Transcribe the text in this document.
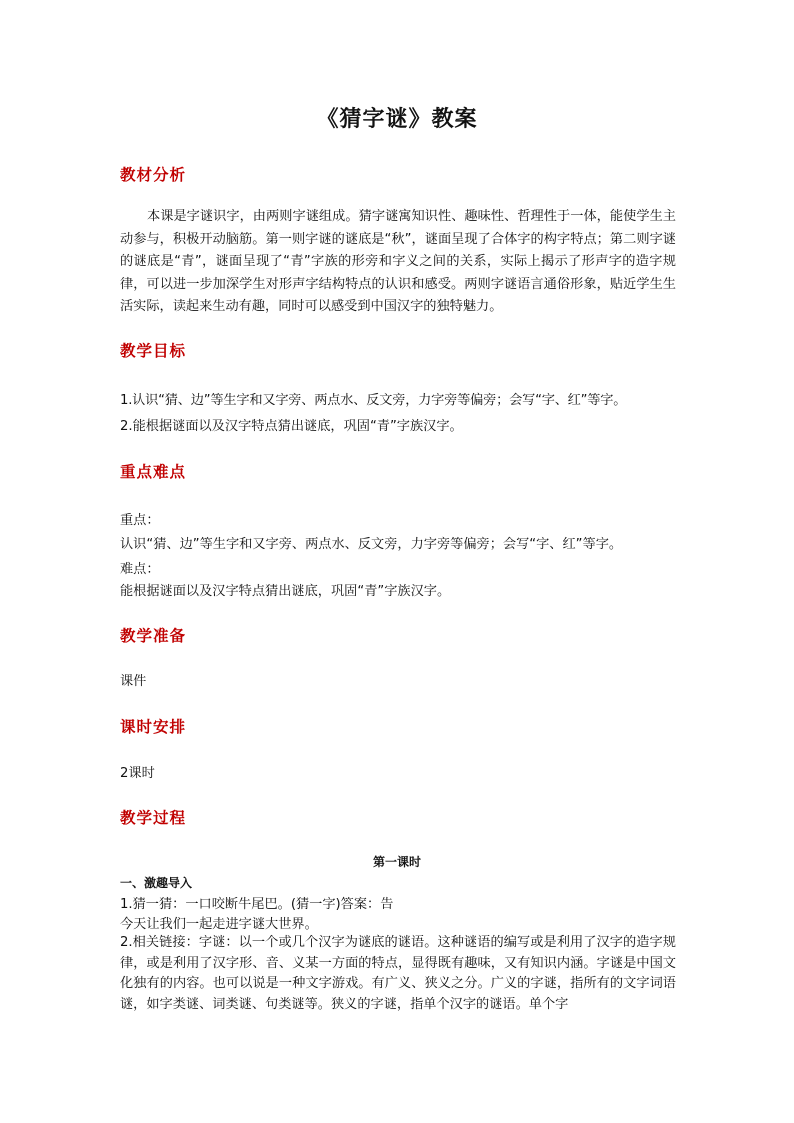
《猜字谜》教案
教材分析
本课是字谜识字，由两则字谜组成。猜字谜寓知识性、趣味性、哲理性于一体，能使学生主动参与，积极开动脑筋。第一则字谜的谜底是“秋”，谜面呈现了合体字的构字特点；第二则字谜的谜底是“青”，谜面呈现了“青”字族的形旁和字义之间的关系，实际上揭示了形声字的造字规律，可以进一步加深学生对形声字结构特点的认识和感受。两则字谜语言通俗形象，贴近学生生活实际，读起来生动有趣，同时可以感受到中国汉字的独特魅力。
教学目标
1.认识“猜、边”等生字和又字旁、两点水、反文旁，力字旁等偏旁；会写“字、红”等字。
2.能根据谜面以及汉字特点猜出谜底，巩固“青”字族汉字。
重点难点
重点：
认识“猜、边”等生字和又字旁、两点水、反文旁，力字旁等偏旁；会写“字、红”等字。
难点：
能根据谜面以及汉字特点猜出谜底，巩固“青”字族汉字。
教学准备
课件
课时安排
2课时
教学过程
第一课时
一、激趣导入
1.猜一猜：一口咬断牛尾巴。(猜一字)答案：告
今天让我们一起走进字谜大世界。
2.相关链接：字谜：以一个或几个汉字为谜底的谜语。这种谜语的编写或是利用了汉字的造字规律，或是利用了汉字形、音、义某一方面的特点，显得既有趣味，又有知识内涵。字谜是中国文化独有的内容。也可以说是一种文字游戏。有广义、狭义之分。广义的字谜，指所有的文字词语谜，如字类谜、词类谜、句类谜等。狭义的字谜，指单个汉字的谜语。单个字
